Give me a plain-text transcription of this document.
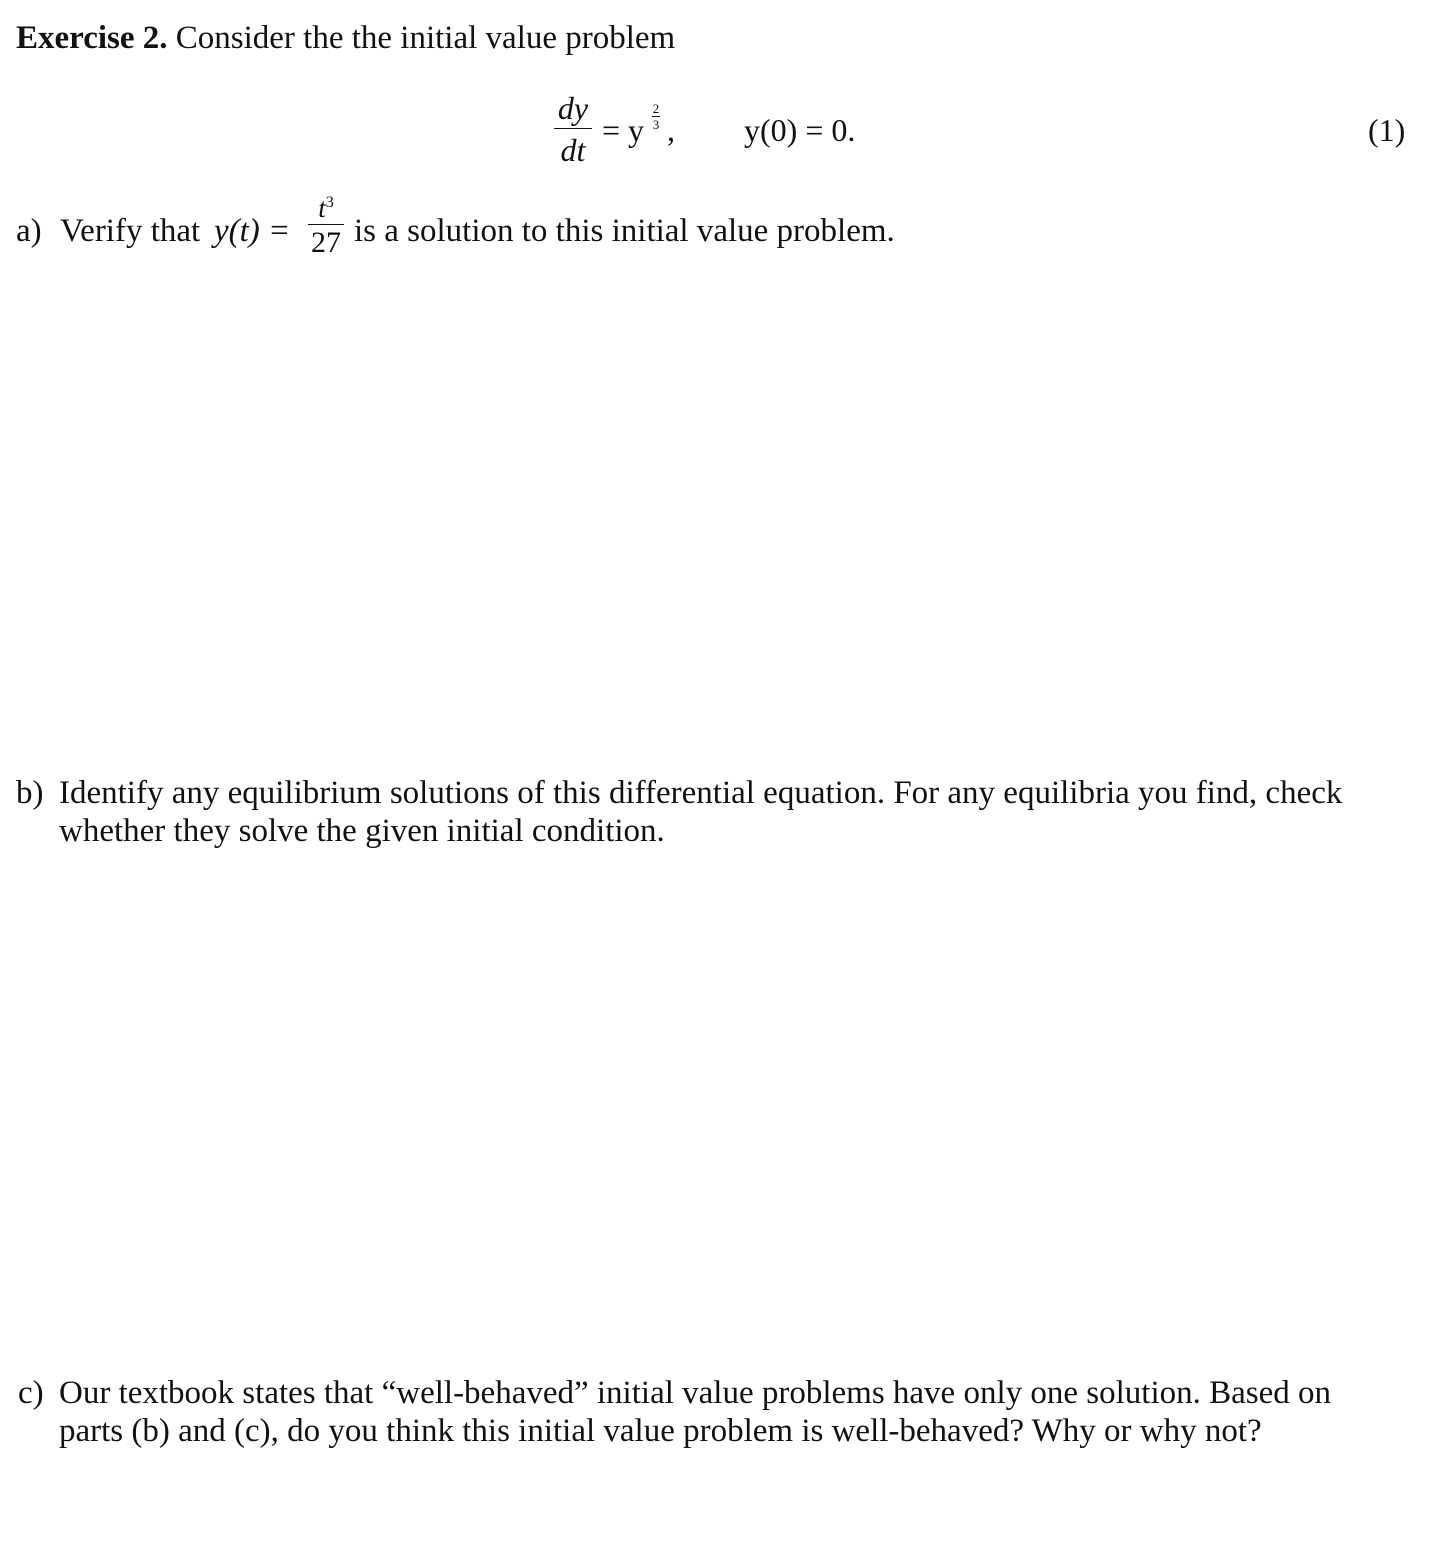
Exercise 2. Consider the the initial value problem
dy
dt
= y
2
3 , y(0) = 0.	(1)
a) Verify that y(t) =
$t^3$
27 is a solution to this initial value problem.
b) Identify any equilibrium solutions of this differential equation. For any equilibria you find, check
whether they solve the given initial condition.
c) Our textbook states that “well-behaved” initial value problems have only one solution. Based on
parts (b) and (c), do you think this initial value problem is well-behaved? Why or why not?
